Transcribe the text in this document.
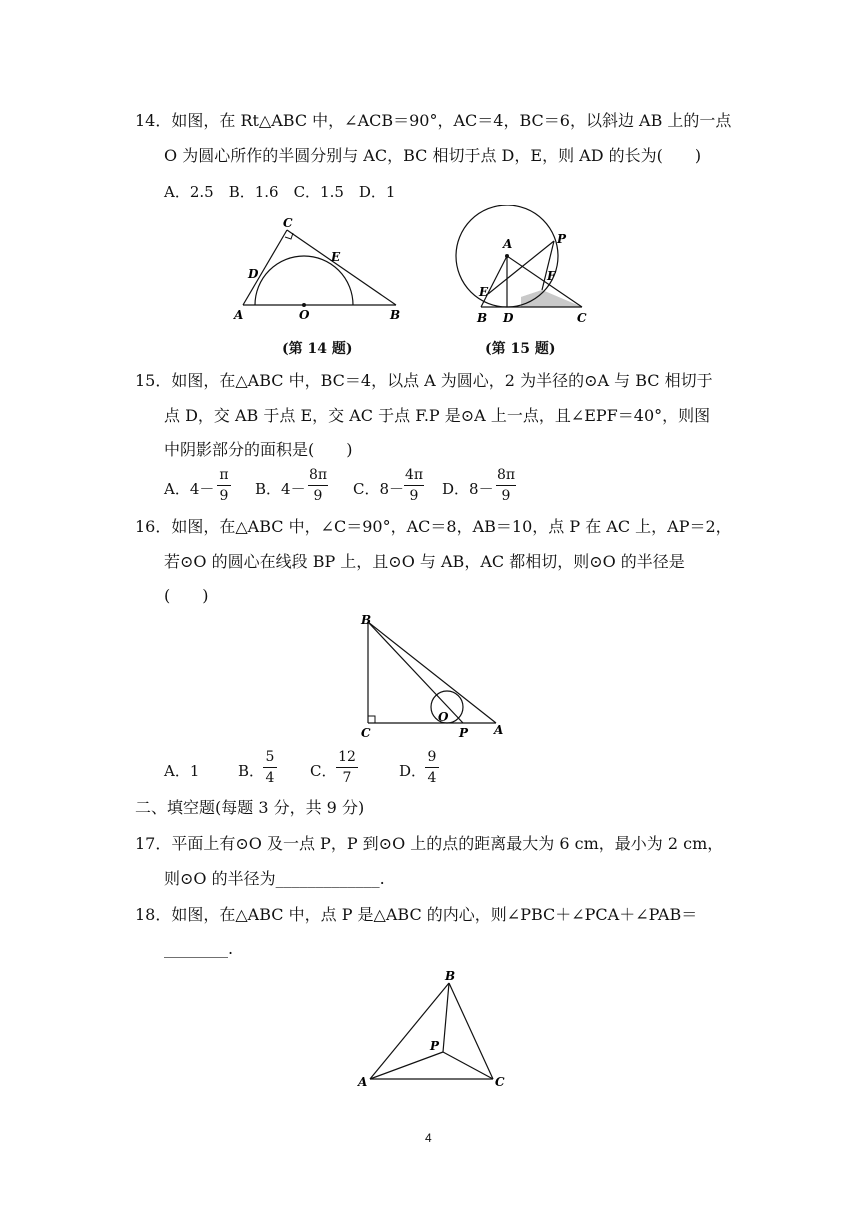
14．如图，在 Rt△ABC 中，∠ACB＝90°，AC＝4，BC＝6，以斜边 AB 上的一点
O 为圆心所作的半圆分别与 AC，BC 相切于点 D，E，则 AD 的长为(　　)
A．2.5　B．1.6　C．1.5　D．1
A	B
C
D
E
O
(第 14 题)
A
B	C
D
E
F
P
(第 15 题)
15．如图，在△ABC 中，BC＝4，以点 A 为圆心，2 为半径的⊙A 与 BC 相切于
点 D，交 AB 于点 E，交 AC 于点 F.P 是⊙A 上一点，且∠EPF＝40°，则图
中阴影部分的面积是(　　)
A．4－
π
9 B．4－
8π
9	C．8－
4π
9	D．8－
8π
9
16．如图，在△ABC 中，∠C＝90°，AC＝8，AB＝10，点 P 在 AC 上，AP＝2，
若⊙O 的圆心在线段 BP 上，且⊙O 与 AB，AC 都相切，则⊙O 的半径是
(　　)
B
C	A
O
P
A．1	B．
5
4 C．
12
7	D．
9
4
二、填空题(每题 3 分，共 9 分)
17．平面上有⊙O 及一点 P，P 到⊙O 上的点的距离最大为 6 cm，最小为 2 cm，
则⊙O 的半径为_____________.
18．如图，在△ABC 中，点 P 是△ABC 的内心，则∠PBC＋∠PCA＋∠PAB＝
________.
B
A	C
P
4
